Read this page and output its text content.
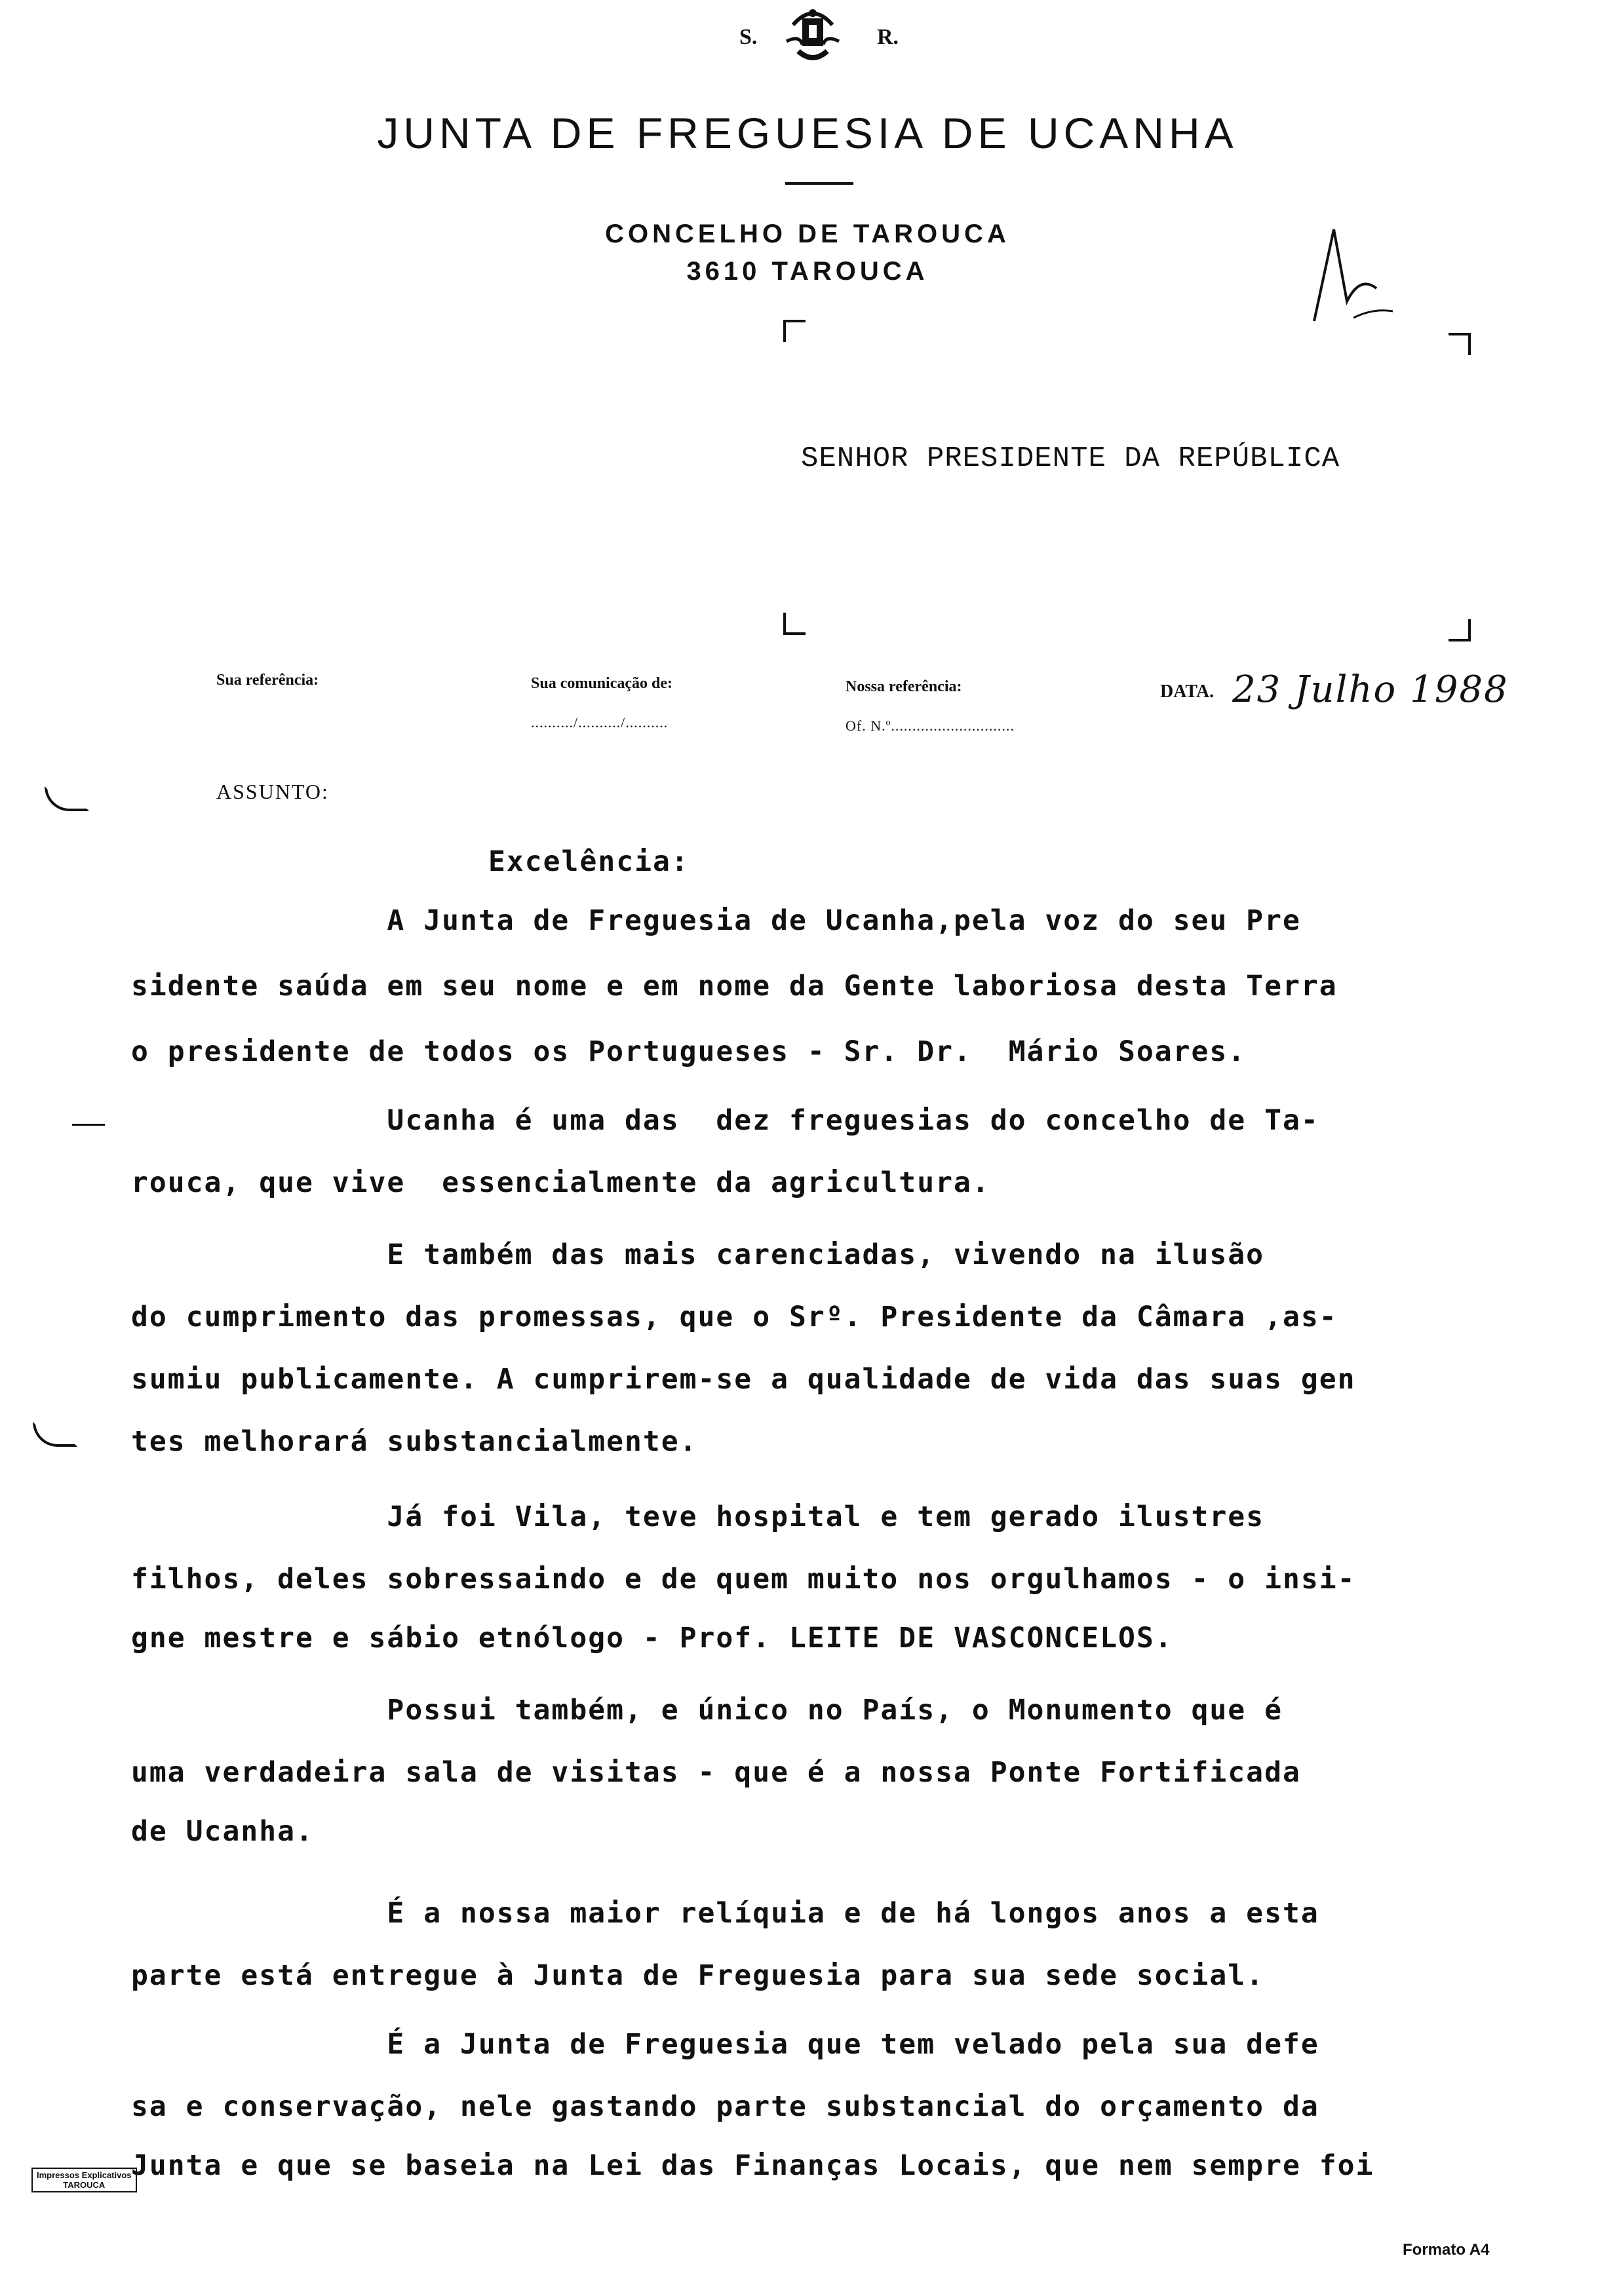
S.	R.
JUNTA DE FREGUESIA DE UCANHA
CONCELHO DE TAROUCA
3610 TAROUCA
SENHOR PRESIDENTE DA REPÚBLICA
Sua referência:	Sua comunicação de:
........../........../..........
Nossa referência:
Of. N.º.............................
DATA. 23 Julho 1988
ASSUNTO:
Excelência:
A Junta de Freguesia de Ucanha,pela voz do seu Pre
sidente saúda em seu nome e em nome da Gente laboriosa desta Terra
o presidente de todos os Portugueses - Sr. Dr.  Mário Soares.
Ucanha é uma das  dez freguesias do concelho de Ta-
rouca, que vive  essencialmente da agricultura.
E também das mais carenciadas, vivendo na ilusão
do cumprimento das promessas, que o Srº. Presidente da Câmara ,as-
sumiu publicamente. A cumprirem-se a qualidade de vida das suas gen
tes melhorará substancialmente.
Já foi Vila, teve hospital e tem gerado ilustres
filhos, deles sobressaindo e de quem muito nos orgulhamos - o insi-
gne mestre e sábio etnólogo - Prof. LEITE DE VASCONCELOS.
Possui também, e único no País, o Monumento que é
uma verdadeira sala de visitas - que é a nossa Ponte Fortificada
de Ucanha.
É a nossa maior relíquia e de há longos anos a esta
parte está entregue à Junta de Freguesia para sua sede social.
É a Junta de Freguesia que tem velado pela sua defe
sa e conservação, nele gastando parte substancial do orçamento da
Junta e que se baseia na Lei das Finanças Locais, que nem sempre foi
Impressos Explicativos
TAROUCA
Formato A4
